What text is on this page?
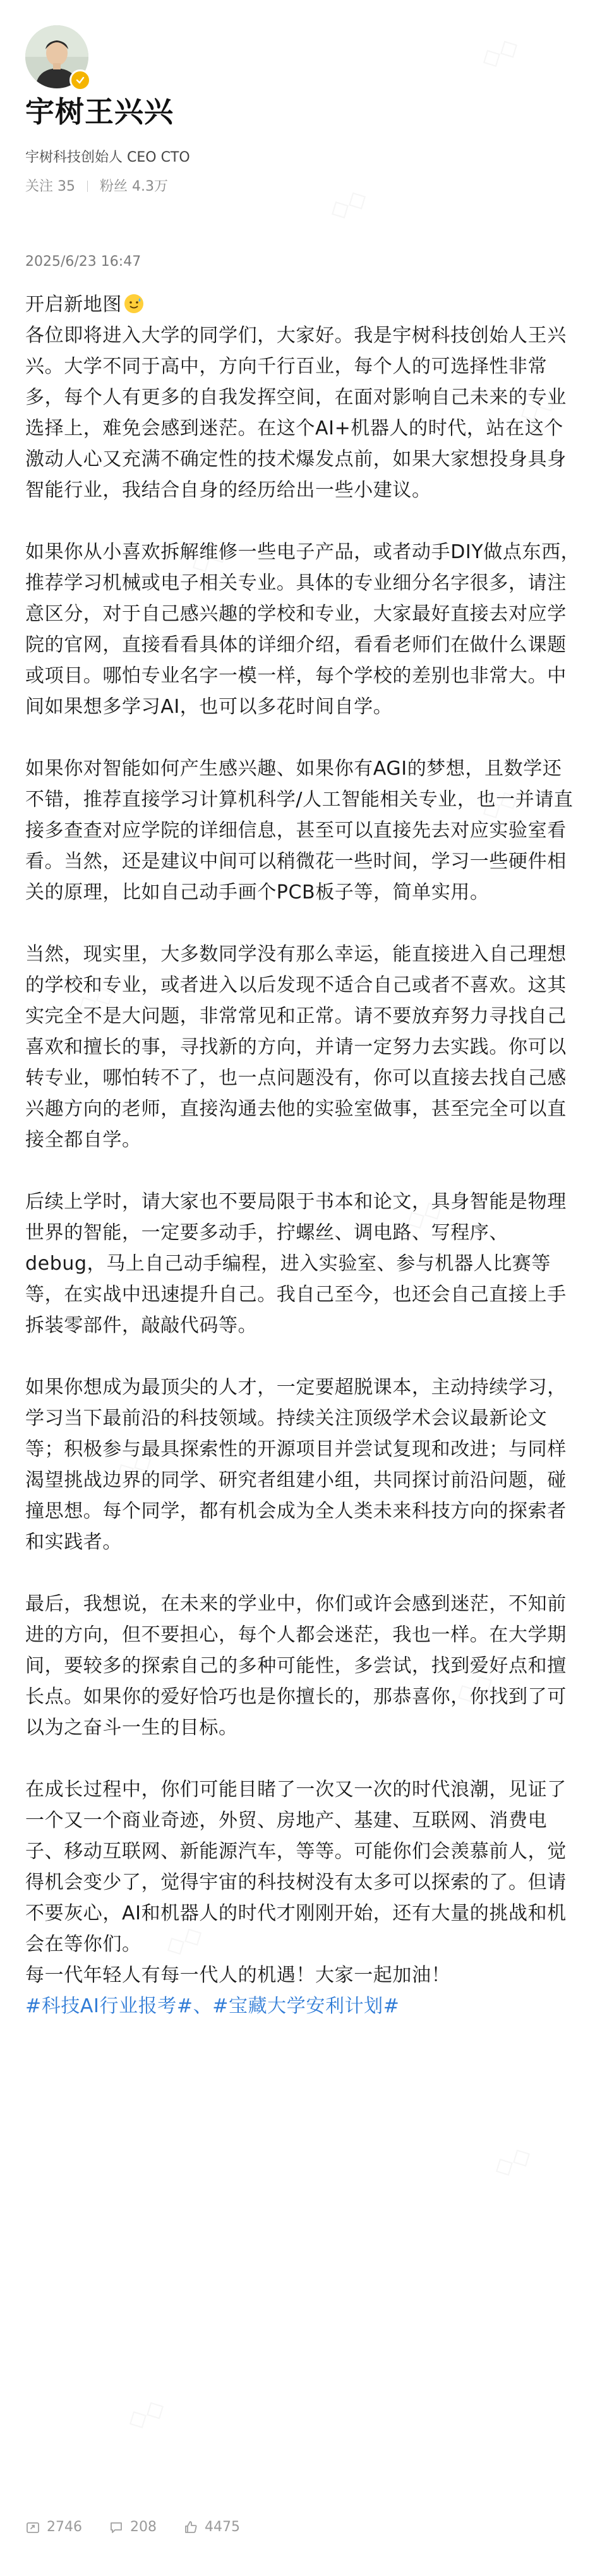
宇树王兴兴
宇树科技创始人 CEO CTO
关注 35 粉丝 4.3万
2025/6/23 16:47

开启新地图

各位即将进入大学的同学们，大家好。我是宇树科技创始人王兴兴。大学不同于高中，方向千行百业，每个人的可选择性非常多，每个人有更多的自我发挥空间，在面对影响自己未来的专业选择上，难免会感到迷茫。在这个AI+机器人的时代，站在这个激动人心又充满不确定性的技术爆发点前，如果大家想投身具身智能行业，我结合自身的经历给出一些小建议。

如果你从小喜欢拆解维修一些电子产品，或者动手DIY做点东西，推荐学习机械或电子相关专业。具体的专业细分名字很多，请注意区分，对于自己感兴趣的学校和专业，大家最好直接去对应学院的官网，直接看看具体的详细介绍，看看老师们在做什么课题或项目。哪怕专业名字一模一样，每个学校的差别也非常大。中间如果想多学习AI，也可以多花时间自学。

如果你对智能如何产生感兴趣、如果你有AGI的梦想，且数学还不错，推荐直接学习计算机科学/人工智能相关专业，也一并请直接多查查对应学院的详细信息，甚至可以直接先去对应实验室看看。当然，还是建议中间可以稍微花一些时间，学习一些硬件相关的原理，比如自己动手画个PCB板子等，简单实用。

当然，现实里，大多数同学没有那么幸运，能直接进入自己理想的学校和专业，或者进入以后发现不适合自己或者不喜欢。这其实完全不是大问题，非常常见和正常。请不要放弃努力寻找自己喜欢和擅长的事，寻找新的方向，并请一定努力去实践。你可以转专业，哪怕转不了，也一点问题没有，你可以直接去找自己感兴趣方向的老师，直接沟通去他的实验室做事，甚至完全可以直接全都自学。

后续上学时，请大家也不要局限于书本和论文，具身智能是物理世界的智能，一定要多动手，拧螺丝、调电路、写程序、debug，马上自己动手编程，进入实验室、参与机器人比赛等等，在实战中迅速提升自己。我自己至今，也还会自己直接上手拆装零部件，敲敲代码等。

如果你想成为最顶尖的人才，一定要超脱课本，主动持续学习，学习当下最前沿的科技领域。持续关注顶级学术会议最新论文等；积极参与最具探索性的开源项目并尝试复现和改进；与同样渴望挑战边界的同学、研究者组建小组，共同探讨前沿问题，碰撞思想。每个同学，都有机会成为全人类未来科技方向的探索者和实践者。

最后，我想说，在未来的学业中，你们或许会感到迷茫，不知前进的方向，但不要担心，每个人都会迷茫，我也一样。在大学期间，要较多的探索自己的多种可能性，多尝试，找到爱好点和擅长点。如果你的爱好恰巧也是你擅长的，那恭喜你，你找到了可以为之奋斗一生的目标。

在成长过程中，你们可能目睹了一次又一次的时代浪潮，见证了一个又一个商业奇迹，外贸、房地产、基建、互联网、消费电子、移动互联网、新能源汽车，等等。可能你们会羡慕前人，觉得机会变少了，觉得宇宙的科技树没有太多可以探索的了。但请不要灰心，AI和机器人的时代才刚刚开始，还有大量的挑战和机会在等你们。

每一代年轻人有每一代人的机遇！大家一起加油！

#科技AI行业报考#、#宝藏大学安利计划#

2746	208	4475
